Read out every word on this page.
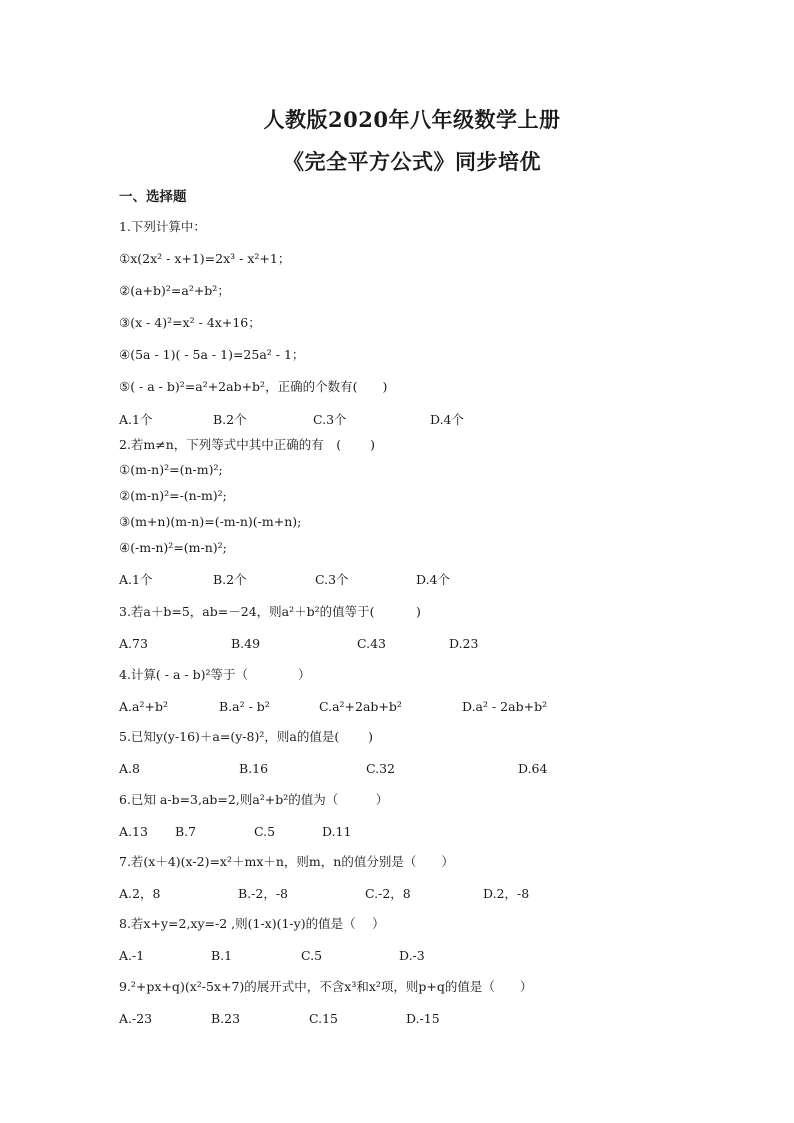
人教版2020年八年级数学上册
《完全平方公式》同步培优
一、选择题
1.下列计算中：
①x(2x² - x+1)=2x³ - x²+1；
②(a+b)²=a²+b²；
③(x - 4)²=x² - 4x+16；
④(5a - 1)( - 5a - 1)=25a² - 1；
⑤( - a - b)²=a²+2ab+b²，正确的个数有(　　)
A.1个	B.2个	C.3个	D.4个
2.若m≠n，下列等式中其中正确的有　(　　 )
①(m-n)²=(n-m)²;
②(m-n)²=-(n-m)²;
③(m+n)(m-n)=(-m-n)(-m+n);
④(-m-n)²=(m-n)²;
A.1个	B.2个	C.3个	D.4个
3.若a＋b=5，ab=－24，则a²＋b²的值等于(　　　 )
A.73	B.49	C.43	D.23
4.计算( - a - b)²等于（　　　　）
A.a²+b²	B.a² - b²	C.a²+2ab+b²	D.a² - 2ab+b²
5.已知y(y-16)＋a=(y-8)²，则a的值是(　　 )
A.8	B.16	C.32	D.64
6.已知 a-b=3,ab=2,则a²+b²的值为（　　　）
A.13 B.7	C.5	D.11
7.若(x＋4)(x-2)=x²＋mx＋n，则m，n的值分别是（　　）
A.2，8	B.-2，-8	C.-2，8	D.2，-8
8.若x+y=2,xy=-2 ,则(1-x)(1-y)的值是（　 ）
A.-1	B.1	C.5	D.-3
9.²+px+q)(x²-5x+7)的展开式中，不含x³和x²项，则p+q的值是（　　）
A.-23	B.23	C.15	D.-15
